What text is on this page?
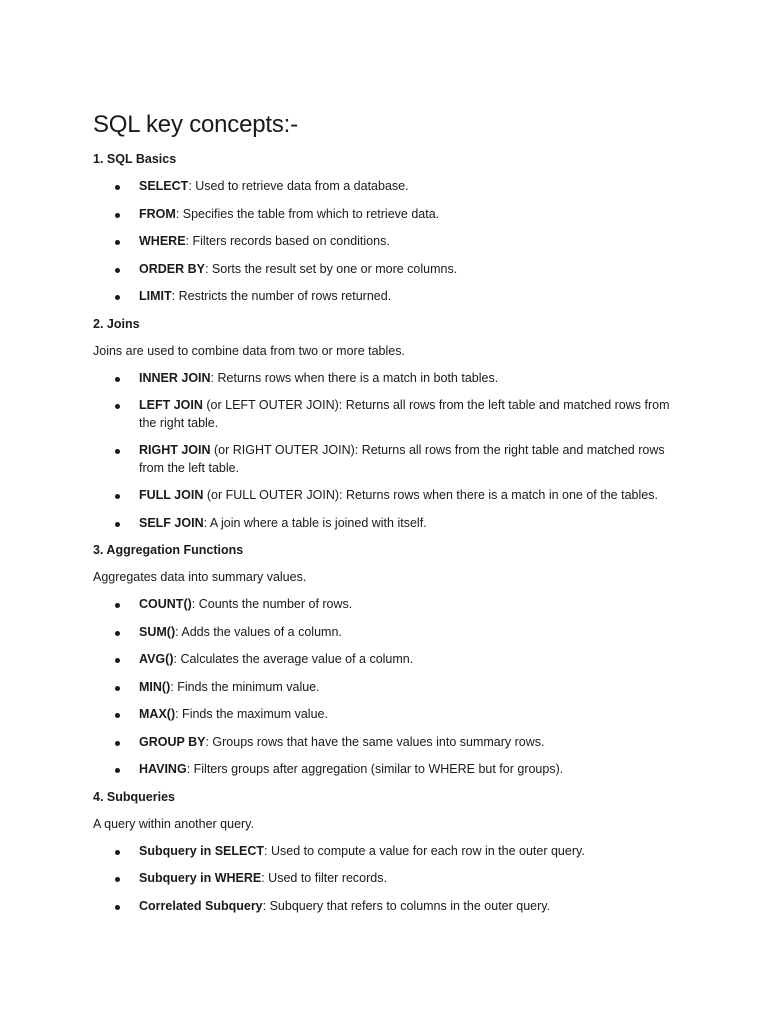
SQL key concepts:-
1. SQL Basics
SELECT: Used to retrieve data from a database.
FROM: Specifies the table from which to retrieve data.
WHERE: Filters records based on conditions.
ORDER BY: Sorts the result set by one or more columns.
LIMIT: Restricts the number of rows returned.
2. Joins
Joins are used to combine data from two or more tables.
INNER JOIN: Returns rows when there is a match in both tables.
LEFT JOIN (or LEFT OUTER JOIN): Returns all rows from the left table and matched rows from the right table.
RIGHT JOIN (or RIGHT OUTER JOIN): Returns all rows from the right table and matched rows from the left table.
FULL JOIN (or FULL OUTER JOIN): Returns rows when there is a match in one of the tables.
SELF JOIN: A join where a table is joined with itself.
3. Aggregation Functions
Aggregates data into summary values.
COUNT(): Counts the number of rows.
SUM(): Adds the values of a column.
AVG(): Calculates the average value of a column.
MIN(): Finds the minimum value.
MAX(): Finds the maximum value.
GROUP BY: Groups rows that have the same values into summary rows.
HAVING: Filters groups after aggregation (similar to WHERE but for groups).
4. Subqueries
A query within another query.
Subquery in SELECT: Used to compute a value for each row in the outer query.
Subquery in WHERE: Used to filter records.
Correlated Subquery: Subquery that refers to columns in the outer query.
